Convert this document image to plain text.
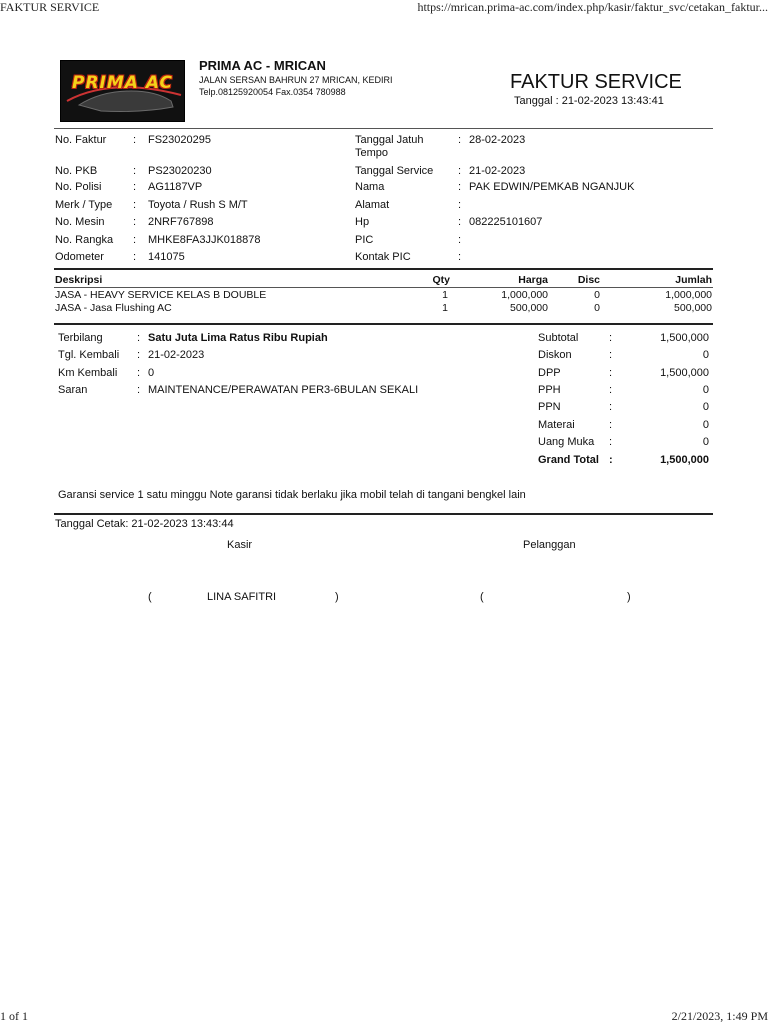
FAKTUR SERVICE	https://mrican.prima-ac.com/index.php/kasir/faktur_svc/cetakan_faktur...
1 of 1	2/21/2023, 1:49 PM
PRIMA AC
PRIMA AC - MRICAN
JALAN SERSAN BAHRUN 27 MRICAN, KEDIRI
Telp.08125920054 Fax.0354 780988	FAKTUR SERVICE
Tanggal : 21-02-2023 13:43:41
No. Faktur : FS23020295
No. PKB	: PS23020230
No. Polisi	: AG1187VP
Merk / Type : Toyota / Rush S M/T
No. Mesin	: 2NRF767898
No. Rangka : MHKE8FA3JJK018878
Odometer	: 141075
Tanggal Jatuh
Tempo
: 28-02-2023
Tanggal Service : 21-02-2023
Nama	: PAK EDWIN/PEMKAB NGANJUK
Alamat	:
Hp	: 082225101607
PIC	:
Kontak PIC	:
Deskripsi	Qty	Harga	Disc	Jumlah
JASA - HEAVY SERVICE KELAS B DOUBLE	1	1,000,000	0	1,000,000
JASA - Jasa Flushing AC	1	500,000	0	500,000
Terbilang	: Satu Juta Lima Ratus Ribu Rupiah
Tgl. Kembali : 21-02-2023
Km Kembali : 0
Saran	: MAINTENANCE/PERAWATAN PER3-6BULAN SEKALI
Subtotal	:	1,500,000
Diskon	:	0
DPP	:	1,500,000
PPH	:	0
PPN	:	0
Materai	:	0
Uang Muka :	0
Grand Total :	1,500,000
Garansi service 1 satu minggu Note garansi tidak berlaku jika mobil telah di tangani bengkel lain
Tanggal Cetak: 21-02-2023 13:43:44
Kasir	Pelanggan
(	LINA SAFITRI	)	(	)
